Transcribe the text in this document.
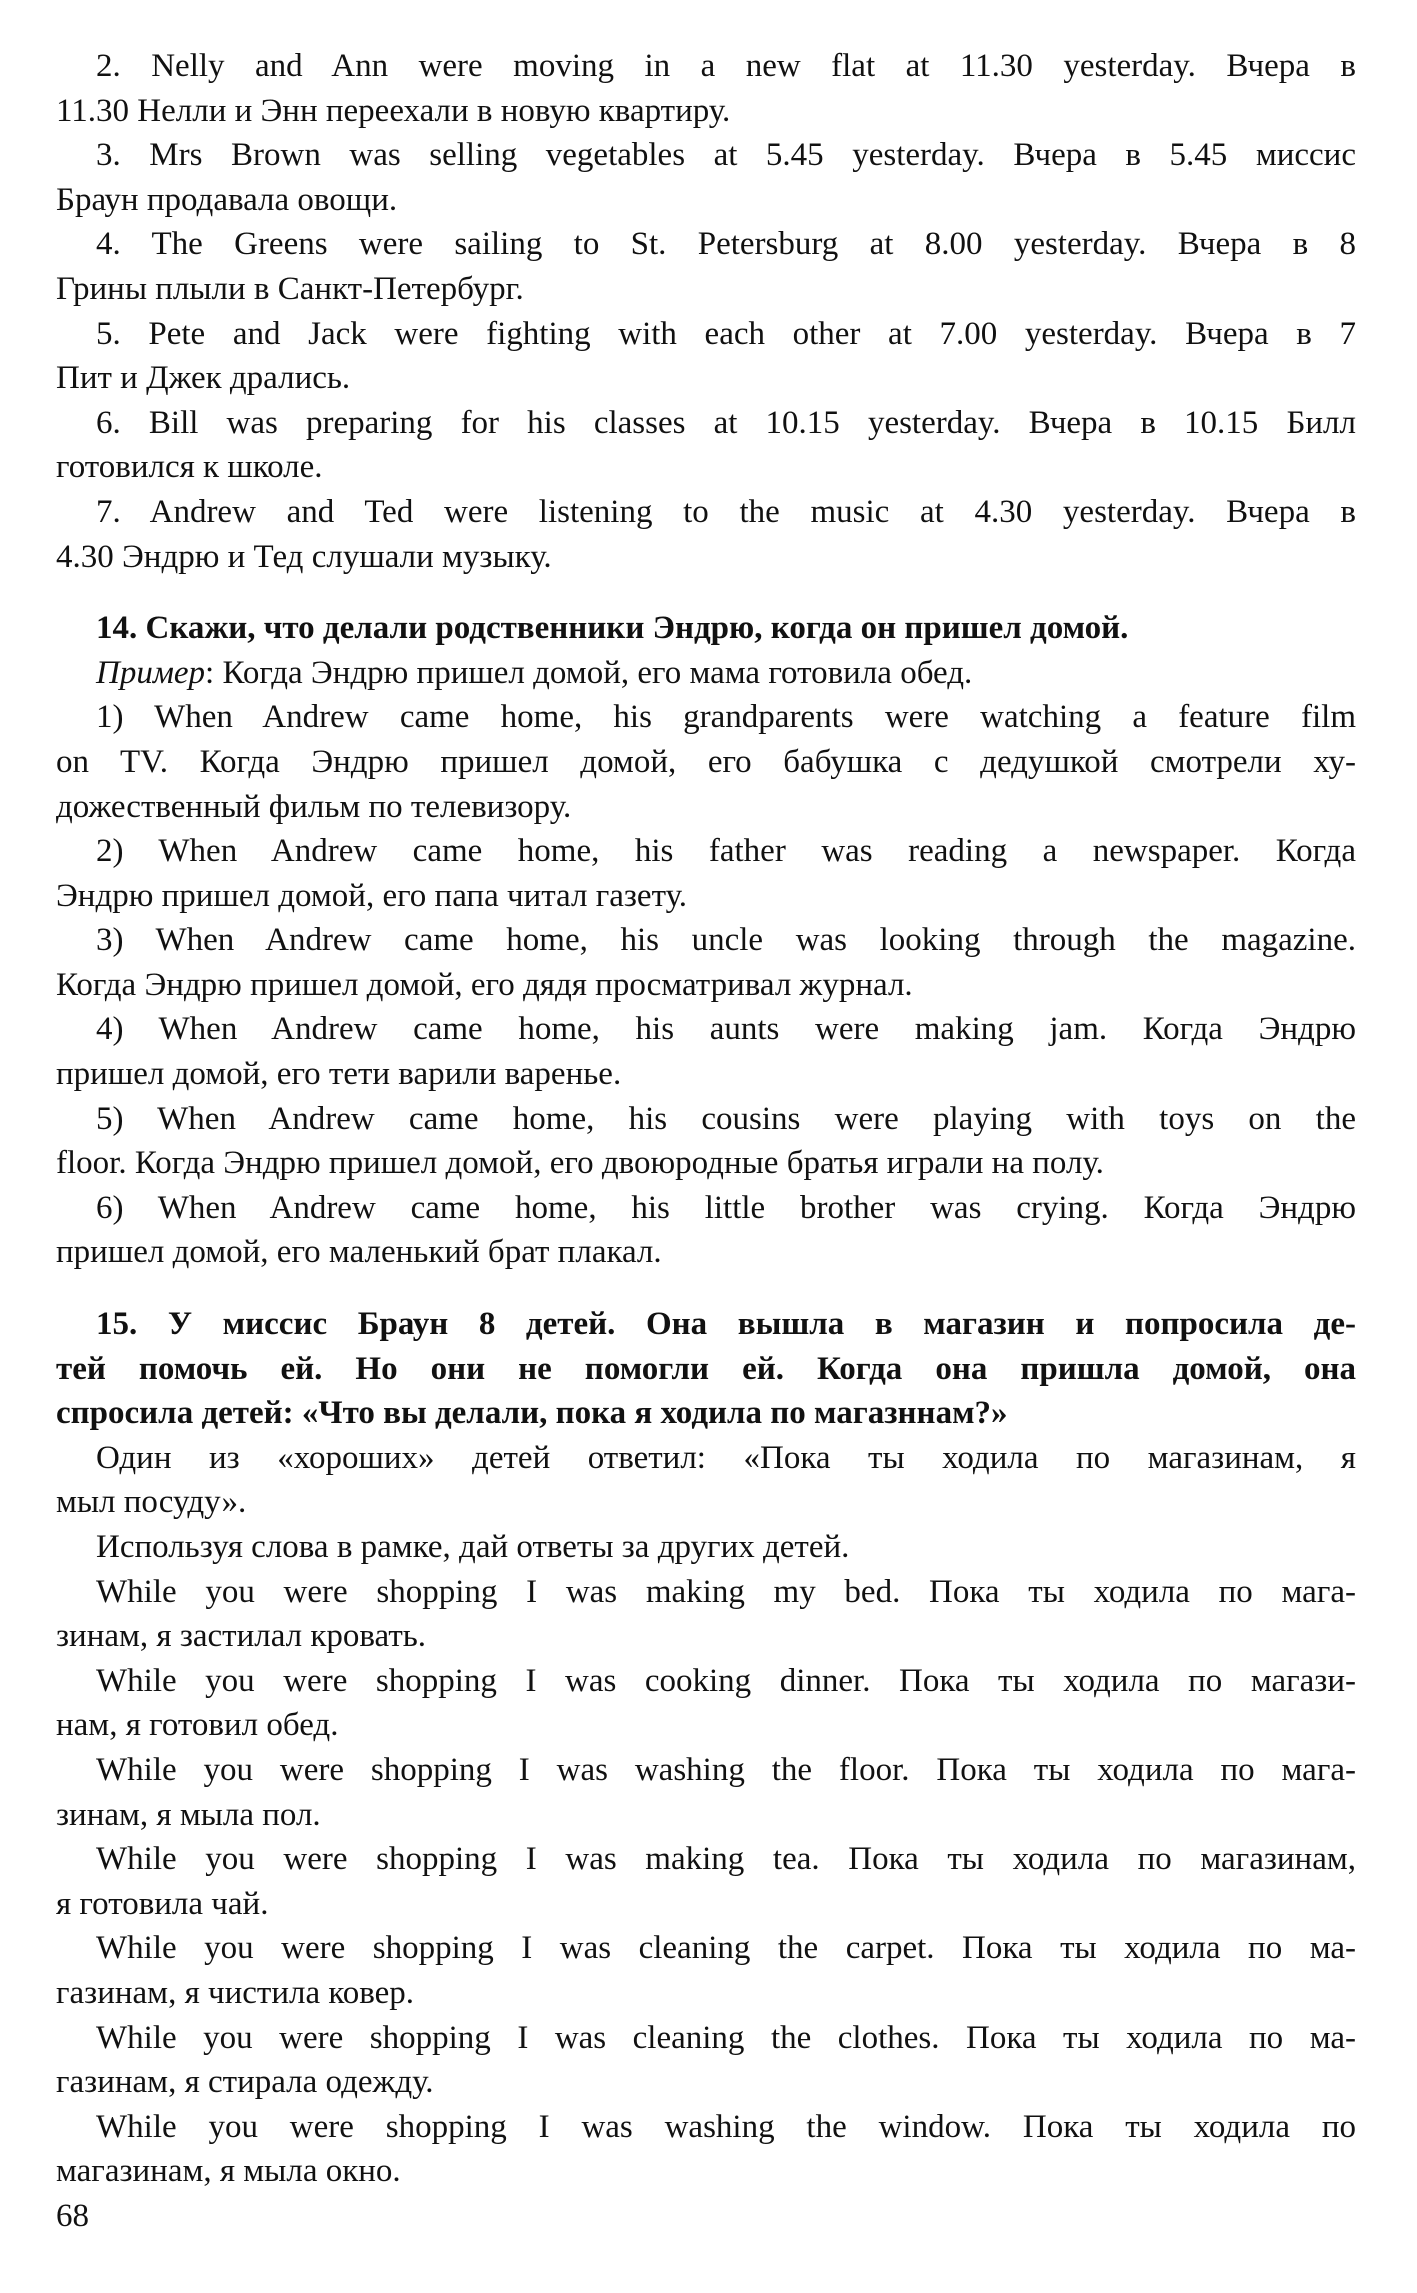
2. Nelly and Ann were moving in a new flat at 11.30 yesterday. Вчера в
11.30 Нелли и Энн переехали в новую квартиру.
3. Mrs Brown was selling vegetables at 5.45 yesterday. Вчера в 5.45 миссис
Браун продавала овощи.
4. The Greens were sailing to St. Petersburg at 8.00 yesterday. Вчера в 8
Грины плыли в Санкт-Петербург.
5. Pete and Jack were fighting with each other at 7.00 yesterday. Вчера в 7
Пит и Джек дрались.
6. Bill was preparing for his classes at 10.15 yesterday. Вчера в 10.15 Билл
готовился к школе.
7. Andrew and Ted were listening to the music at 4.30 yesterday. Вчера в
4.30 Эндрю и Тед слушали музыку.
14. Скажи, что делали родственники Эндрю, когда он пришел домой.
Пример: Когда Эндрю пришел домой, его мама готовила обед.
1) When Andrew came home, his grandparents were watching a feature film
on TV. Когда Эндрю пришел домой, его бабушка с дедушкой смотрели ху-
дожественный фильм по телевизору.
2) When Andrew came home, his father was reading a newspaper. Когда
Эндрю пришел домой, его папа читал газету.
3) When Andrew came home, his uncle was looking through the magazine.
Когда Эндрю пришел домой, его дядя просматривал журнал.
4) When Andrew came home, his aunts were making jam. Когда Эндрю
пришел домой, его тети варили варенье.
5) When Andrew came home, his cousins were playing with toys on the
floor. Когда Эндрю пришел домой, его двоюродные братья играли на полу.
6) When Andrew came home, his little brother was crying. Когда Эндрю
пришел домой, его маленький брат плакал.
15. У миссис Браун 8 детей. Она вышла в магазин и попросила де-
тей помочь ей. Но они не помогли ей. Когда она пришла домой, она
спросила детей: «Что вы делали, пока я ходила по магазннам?»
Один из «хороших» детей ответил: «Пока ты ходила по магазинам, я
мыл посуду».
Используя слова в рамке, дай ответы за других детей.
While you were shopping I was making my bed. Пока ты ходила по мага-
зинам, я застилал кровать.
While you were shopping I was cooking dinner. Пока ты ходила по магази-
нам, я готовил обед.
While you were shopping I was washing the floor. Пока ты ходила по мага-
зинам, я мыла пол.
While you were shopping I was making tea. Пока ты ходила по магазинам,
я готовила чай.
While you were shopping I was cleaning the carpet. Пока ты ходила по ма-
газинам, я чистила ковер.
While you were shopping I was cleaning the clothes. Пока ты ходила по ма-
газинам, я стирала одежду.
While you were shopping I was washing the window. Пока ты ходила по
магазинам, я мыла окно.
68
